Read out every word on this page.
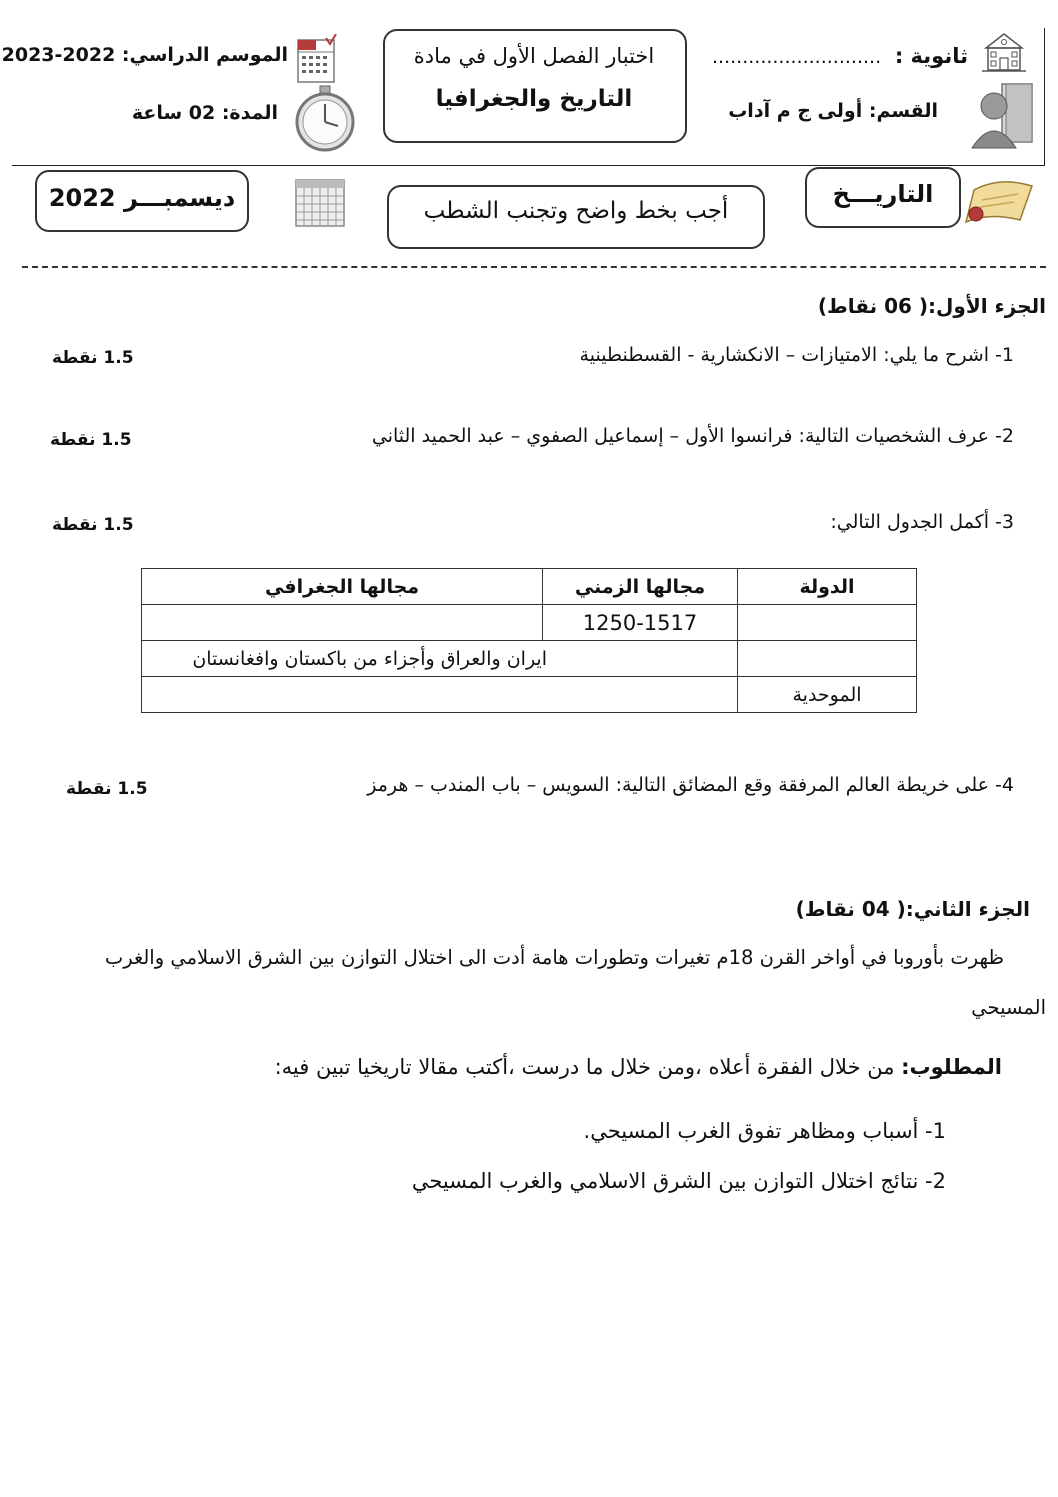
ثانوية :
............................
القسم: أولى ج م آداب
اختبار الفصل الأول في مادة
التاريخ والجغرافيا
الموسم الدراسي: 2022-2023
المدة: 02 ساعة
التاريـــخ
أجب بخط واضح وتجنب الشطب
ديسمبـــر 2022
الجزء الأول:( 06 نقاط)
1- اشرح ما يلي: الامتيازات – الانكشارية - القسطنطينية
1.5 نقطة
2- عرف الشخصيات التالية: فرانسوا الأول – إسماعيل الصفوي – عبد الحميد الثاني
1.5 نقطة
3- أكمل الجدول التالي:
1.5 نقطة
الدولة	مجالها الزمني	مجالها الجغرافي
	1250-1517	
	ايران والعراق وأجزاء من باكستان وافغانستان	
الموحدية		
4- على خريطة العالم المرفقة وقع المضائق التالية: السويس – باب المندب – هرمز
1.5 نقطة
الجزء الثاني:( 04 نقاط)
ظهرت بأوروبا في أواخر القرن 18م تغيرات وتطورات هامة أدت الى اختلال التوازن بين الشرق الاسلامي والغرب
المسيحي
المطلوب: من خلال الفقرة أعلاه ،ومن خلال ما درست ،أكتب مقالا تاريخيا تبين فيه:
1- أسباب ومظاهر تفوق الغرب المسيحي.
2- نتائج اختلال التوازن بين الشرق الاسلامي والغرب المسيحي
